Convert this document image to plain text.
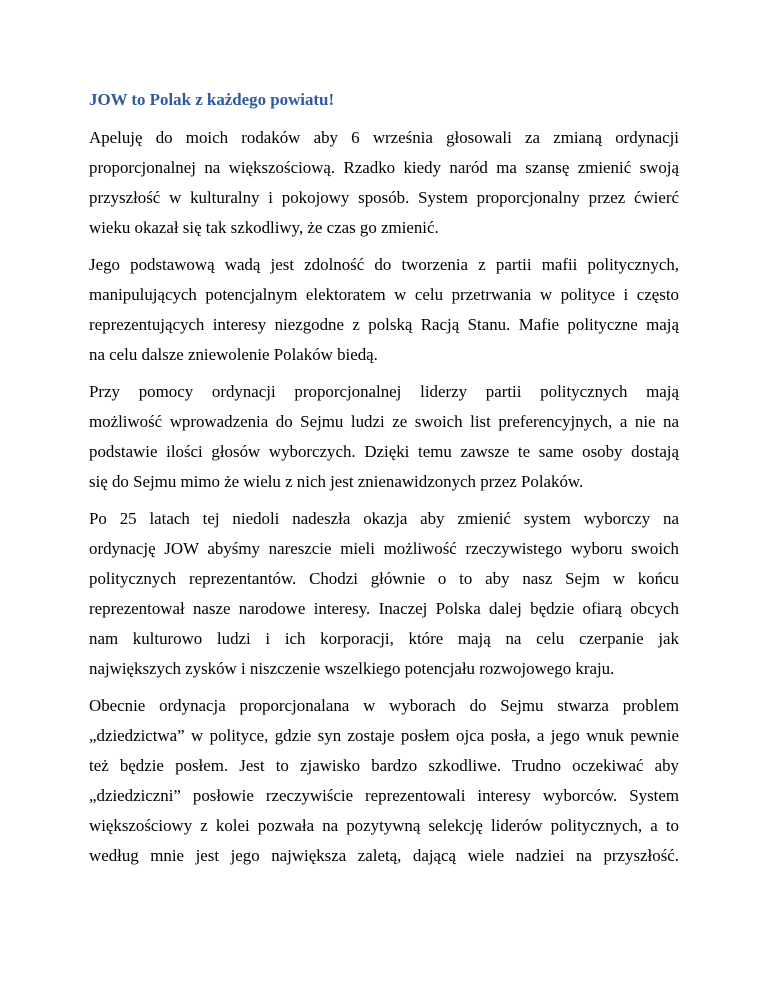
JOW to Polak z każdego powiatu!
Apeluję do moich rodaków aby 6 września głosowali za zmianą ordynacji
proporcjonalnej na większościową. Rzadko kiedy naród ma szansę zmienić swoją
przyszłość w kulturalny i pokojowy sposób. System proporcjonalny przez ćwierć
wieku okazał się tak szkodliwy, że czas go zmienić.
Jego podstawową wadą jest zdolność do tworzenia z partii mafii politycznych,
manipulujących potencjalnym elektoratem w celu przetrwania w polityce i często
reprezentujących interesy niezgodne z polską Racją Stanu. Mafie polityczne mają
na celu dalsze zniewolenie Polaków biedą.
Przy pomocy ordynacji proporcjonalnej liderzy partii politycznych mają
możliwość wprowadzenia do Sejmu ludzi ze swoich list preferencyjnych, a nie na
podstawie ilości głosów wyborczych. Dzięki temu zawsze te same osoby dostają
się do Sejmu mimo że wielu z nich jest znienawidzonych przez Polaków.
Po 25 latach tej niedoli nadeszła okazja aby zmienić system wyborczy na
ordynację JOW abyśmy nareszcie mieli możliwość rzeczywistego wyboru swoich
politycznych reprezentantów. Chodzi głównie o to aby nasz Sejm w końcu
reprezentował nasze narodowe interesy. Inaczej Polska dalej będzie ofiarą obcych
nam kulturowo ludzi i ich korporacji, które mają na celu czerpanie jak
największych zysków i niszczenie wszelkiego potencjału rozwojowego kraju.
Obecnie ordynacja proporcjonalana w wyborach do Sejmu stwarza problem
„dziedzictwa” w polityce, gdzie syn zostaje posłem ojca posła, a jego wnuk pewnie
też będzie posłem. Jest to zjawisko bardzo szkodliwe. Trudno oczekiwać aby
„dziedziczni” posłowie rzeczywiście reprezentowali interesy wyborców. System
większościowy z kolei pozwała na pozytywną selekcję liderów politycznych, a to
według mnie jest jego największa zaletą, dającą wiele nadziei na przyszłość.
